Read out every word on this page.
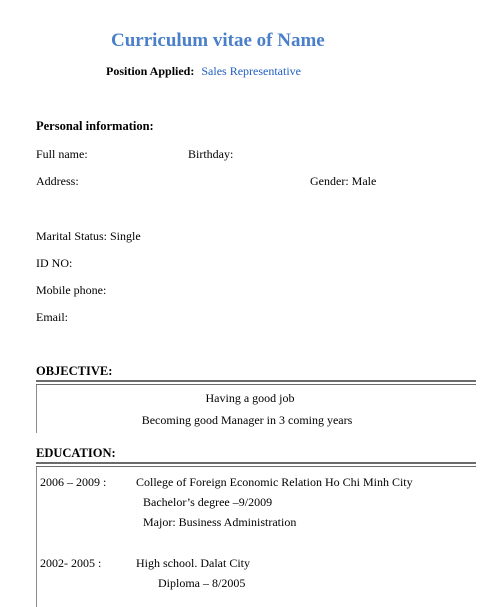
Curriculum vitae of Name
Position Applied: Sales Representative
Personal information:
Full name:	Birthday:
Address:	Gender: Male
Marital Status: Single
ID NO:
Mobile phone:
Email:
OBJECTIVE:
Having a good job
Becoming good Manager in 3 coming years
EDUCATION:
2006 – 2009 : College of Foreign Economic Relation Ho Chi Minh City
Bachelor’s degree –9/2009
Major: Business Administration
2002- 2005 :	High school. Dalat City
Diploma – 8/2005
